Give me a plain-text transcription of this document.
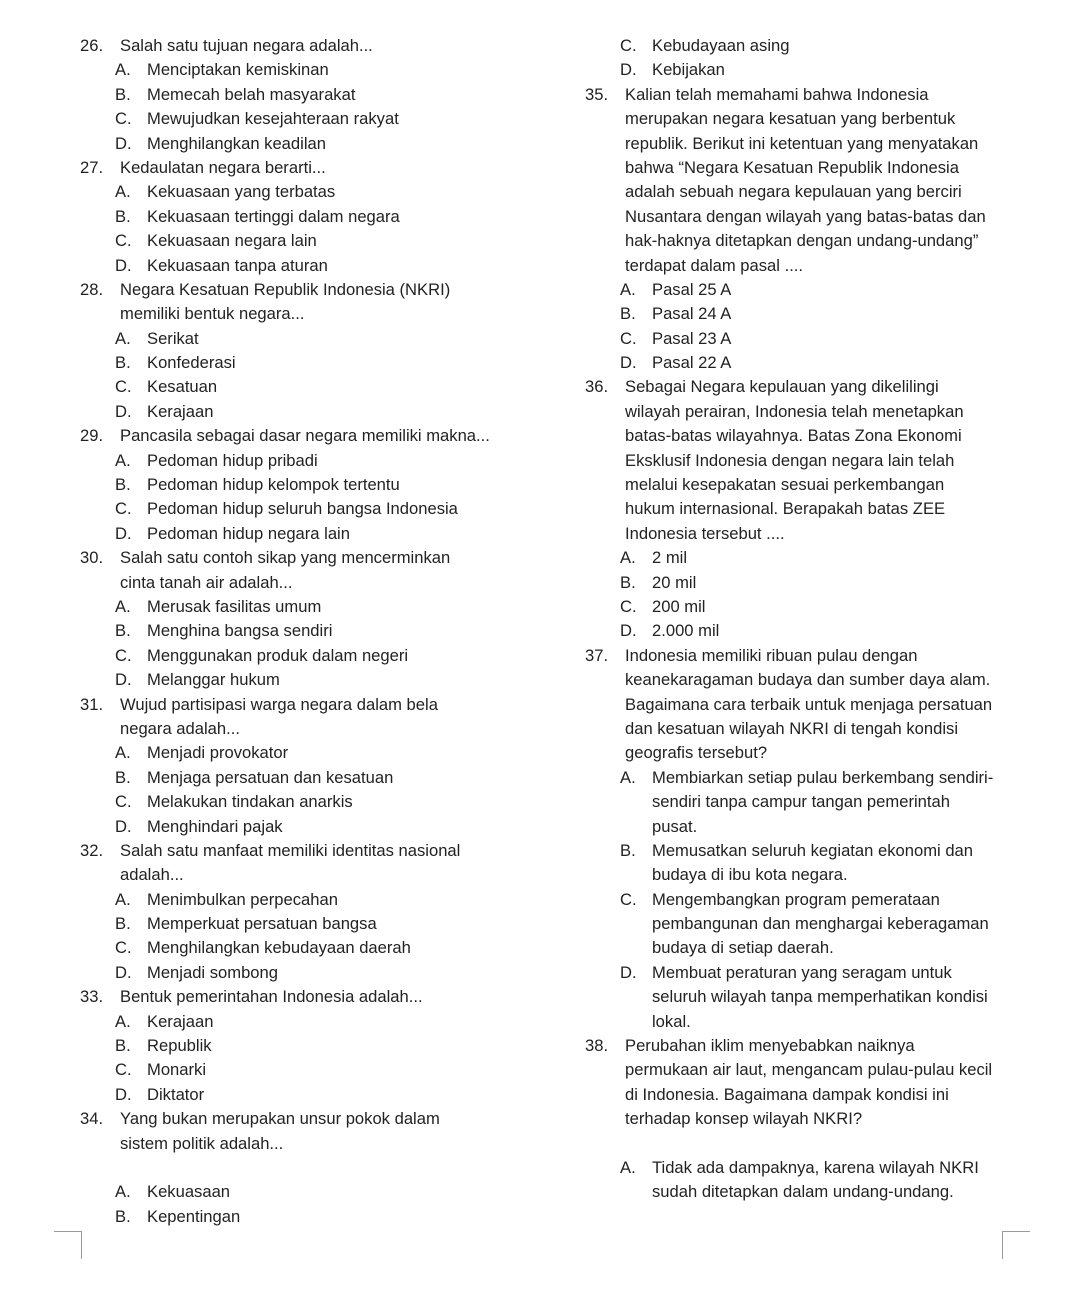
26. Salah satu tujuan negara adalah...
A. Menciptakan kemiskinan
B. Memecah belah masyarakat
C. Mewujudkan kesejahteraan rakyat
D. Menghilangkan keadilan
27. Kedaulatan negara berarti...
A. Kekuasaan yang terbatas
B. Kekuasaan tertinggi dalam negara
C. Kekuasaan negara lain
D. Kekuasaan tanpa aturan
28. Negara Kesatuan Republik Indonesia (NKRI)
memiliki bentuk negara...
A. Serikat
B. Konfederasi
C. Kesatuan
D. Kerajaan
29. Pancasila sebagai dasar negara memiliki makna...
A. Pedoman hidup pribadi
B. Pedoman hidup kelompok tertentu
C. Pedoman hidup seluruh bangsa Indonesia
D. Pedoman hidup negara lain
30. Salah satu contoh sikap yang mencerminkan
cinta tanah air adalah...
A. Merusak fasilitas umum
B. Menghina bangsa sendiri
C. Menggunakan produk dalam negeri
D. Melanggar hukum
31. Wujud partisipasi warga negara dalam bela
negara adalah...
A. Menjadi provokator
B. Menjaga persatuan dan kesatuan
C. Melakukan tindakan anarkis
D. Menghindari pajak
32. Salah satu manfaat memiliki identitas nasional
adalah...
A. Menimbulkan perpecahan
B. Memperkuat persatuan bangsa
C. Menghilangkan kebudayaan daerah
D. Menjadi sombong
33. Bentuk pemerintahan Indonesia adalah...
A. Kerajaan
B. Republik
C. Monarki
D. Diktator
34. Yang bukan merupakan unsur pokok dalam
sistem politik adalah...
A. Kekuasaan
B. Kepentingan
C. Kebudayaan asing
D. Kebijakan
35. Kalian telah memahami bahwa Indonesia
merupakan negara kesatuan yang berbentuk
republik. Berikut ini ketentuan yang menyatakan
bahwa “Negara Kesatuan Republik Indonesia
adalah sebuah negara kepulauan yang berciri
Nusantara dengan wilayah yang batas-batas dan
hak-haknya ditetapkan dengan undang-undang”
terdapat dalam pasal ....
A. Pasal 25 A
B. Pasal 24 A
C. Pasal 23 A
D. Pasal 22 A
36. Sebagai Negara kepulauan yang dikelilingi
wilayah perairan, Indonesia telah menetapkan
batas-batas wilayahnya. Batas Zona Ekonomi
Eksklusif Indonesia dengan negara lain telah
melalui kesepakatan sesuai perkembangan
hukum internasional. Berapakah batas ZEE
Indonesia tersebut ....
A. 2 mil
B. 20 mil
C. 200 mil
D. 2.000 mil
37. Indonesia memiliki ribuan pulau dengan
keanekaragaman budaya dan sumber daya alam.
Bagaimana cara terbaik untuk menjaga persatuan
dan kesatuan wilayah NKRI di tengah kondisi
geografis tersebut?
A. Membiarkan setiap pulau berkembang sendiri-
sendiri tanpa campur tangan pemerintah
pusat.
B. Memusatkan seluruh kegiatan ekonomi dan
budaya di ibu kota negara.
C. Mengembangkan program pemerataan
pembangunan dan menghargai keberagaman
budaya di setiap daerah.
D. Membuat peraturan yang seragam untuk
seluruh wilayah tanpa memperhatikan kondisi
lokal.
38. Perubahan iklim menyebabkan naiknya
permukaan air laut, mengancam pulau-pulau kecil
di Indonesia. Bagaimana dampak kondisi ini
terhadap konsep wilayah NKRI?
A. Tidak ada dampaknya, karena wilayah NKRI
sudah ditetapkan dalam undang-undang.
